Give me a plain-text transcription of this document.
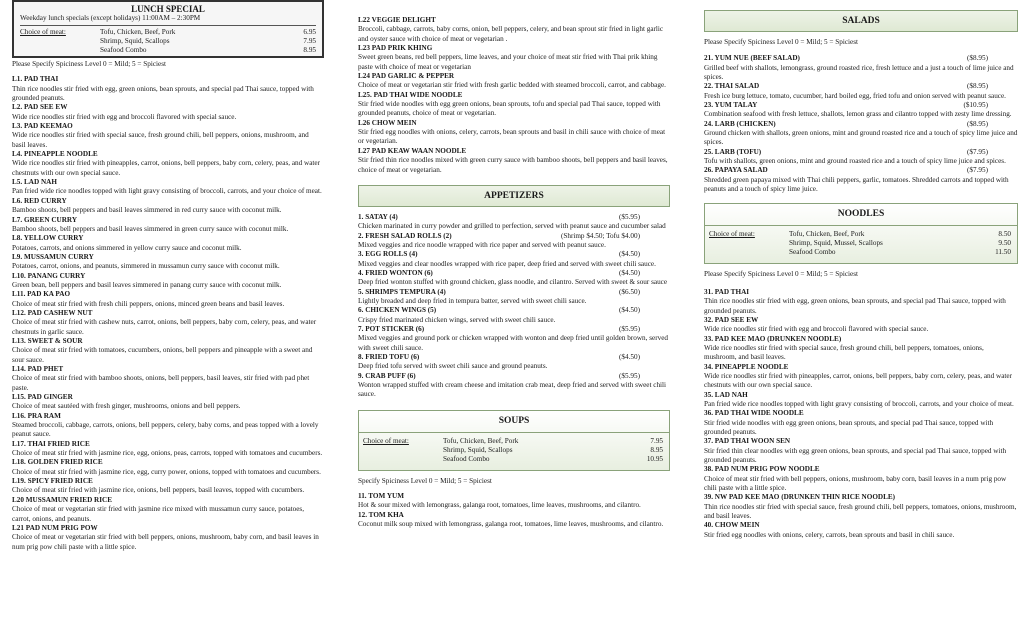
LUNCH SPECIAL
Weekday lunch specials (except holidays) 11:00AM – 2:30PM
Choice of meat:	Tofu, Chicken, Beef, Pork	6.95
Shrimp, Squid, Scallops	7.95
Seafood Combo	8.95
Please Specify Spiciness Level 0 = Mild; 5 = Spiciest
L1. PAD THAI
Thin rice noodles stir fried with egg, green onions, bean sprouts, and special pad Thai sauce, topped with grounded peanuts.
L2. PAD SEE EW
Wide rice noodles stir fried with egg and broccoli flavored with special sauce.
L3. PAD KEEMAO
Wide rice noodles stir fried with special sauce, fresh ground chili, bell peppers, onions, mushroom, and basil leaves.
L4. PINEAPPLE NOODLE
Wide rice noodles stir fried with pineapples, carrot, onions, bell peppers, baby corn, celery, peas, and water chestnuts with our own special sauce.
L5. LAD NAH
Pan fried wide rice noodles topped with light gravy consisting of broccoli, carrots, and your choice of meat.
L6. RED CURRY
Bamboo shoots, bell peppers and basil leaves simmered in red curry sauce with coconut milk.
L7. GREEN CURRY
Bamboo shoots, bell peppers and basil leaves simmered in green curry sauce with coconut milk.
L8. YELLOW CURRY
Potatoes, carrots, and onions simmered in yellow curry sauce and coconut milk.
L9. MUSSAMUN CURRY
Potatoes, carrot, onions, and peanuts, simmered in mussamun curry sauce with coconut milk.
L10. PANANG CURRY
Green bean, bell peppers and basil leaves simmered in panang curry sauce with coconut milk.
L11. PAD KA PAO
Choice of meat stir fried with fresh chili peppers, onions, minced green beans and basil leaves.
L12. PAD CASHEW NUT
Choice of meat stir fried with cashew nuts, carrot, onions, bell peppers, baby corn, celery, peas, and water chestnuts in garlic sauce.
L13. SWEET & SOUR
Choice of meat stir fried with tomatoes, cucumbers, onions, bell peppers and pineapple with a sweet and sour sauce.
L14. PAD PHET
Choice of meat stir fried with bamboo shoots, onions, bell peppers, basil leaves, stir fried with pad phet paste.
L15. PAD GINGER
Choice of meat sautéed with fresh ginger, mushrooms, onions and bell peppers.
L16. PRA RAM
Steamed broccoli, cabbage, carrots, onions, bell peppers, celery, baby corns, and peas topped with a lovely peanut sauce.
L17. THAI FRIED RICE
Choice of meat stir fried with jasmine rice, egg, onions, peas, carrots, topped with tomatoes and cucumbers.
L18. GOLDEN FRIED RICE
Choice of meat stir fried with jasmine rice, egg, curry power, onions, topped with tomatoes and cucumbers.
L19. SPICY FRIED RICE
Choice of meat stir fried with jasmine rice, onions, bell peppers, basil leaves, topped with cucumbers.
L20 MUSSAMUN FRIED RICE
Choice of meat or vegetarian stir fried with jasmine rice mixed with mussamun curry sauce, potatoes, carrot, onions, and peanuts.
L21 PAD NUM PRIG POW
Choice of meat or vegetarian stir fried with bell peppers, onions, mushroom, baby corn, and basil leaves in num prig pow chili paste with a little spice.
L22 VEGGIE DELIGHT
Broccoli, cabbage, carrots, baby corns, onion, bell peppers, celery, and bean sprout stir fried in light garlic and oyster sauce with choice of meat or vegetarian .
L23 PAD PRIK KHING
Sweet green beans, red bell peppers, lime leaves, and your choice of meat stir fried with Thai prik khing paste with choice of meat or vegetarian
L24 PAD GARLIC & PEPPER
Choice of meat or vegetarian stir fried with fresh garlic bedded with steamed broccoli, carrot, and cabbage.
L25. PAD THAI WIDE NOODLE
Stir fried wide noodles with egg green onions, bean sprouts, tofu and special pad Thai sauce, topped with grounded peanuts, choice of meat or vegetarian.
L26 CHOW MEIN
Stir fried egg noodles with onions, celery, carrots, bean sprouts and basil in chili sauce with choice of meat or vegetarian.
L27 PAD KEAW WAAN NOODLE
Stir fried thin rice noodles mixed with green curry sauce with bamboo shoots, bell peppers and basil leaves, choice of meat or vegetarian.
APPETIZERS
1. SATAY (4)	($5.95)
Chicken marinated in curry powder and grilled to perfection, served with peanut sauce and cucumber salad
2. FRESH SALAD ROLLS (2)	(Shrimp $4.50; Tofu $4.00)
Mixed veggies and rice noodle wrapped with rice paper and served with peanut sauce.
3. EGG ROLLS (4)	($4.50)
Mixed veggies and clear noodles wrapped with rice paper, deep fried and served with sweet chili sauce.
4. FRIED WONTON (6)	($4.50)
Deep fried wonton stuffed with ground chicken, glass noodle, and cilantro. Served with sweet & sour sauce
5. SHRIMPS TEMPURA (4)	($6.50)
Lightly breaded and deep fried in tempura batter, served with sweet chili sauce.
6. CHICKEN WINGS (5)	($4.50)
Crispy fried marinated chicken wings, served with sweet chili sauce.
7. POT STICKER (6)	($5.95)
Mixed veggies and ground pork or chicken wrapped with wonton and deep fried until golden brown, served with sweet chili sauce.
8. FRIED TOFU (6)	($4.50)
Deep fried tofu served with sweet chili sauce and ground peanuts.
9. CRAB PUFF (6)	($5.95)
Wonton wrapped stuffed with cream cheese and imitation crab meat, deep fried and served with sweet chili sauce.
SOUPS
Choice of meat:	Tofu, Chicken, Beef, Pork	7.95
Shrimp, Squid, Scallops	8.95
Seafood Combo	10.95
Specify Spiciness Level 0 = Mild; 5 = Spiciest
11. TOM YUM
Hot & sour mixed with lemongrass, galanga root, tomatoes, lime leaves, mushrooms, and cilantro.
12. TOM KHA
Coconut milk soup mixed with lemongrass, galanga root, tomatoes, lime leaves, mushrooms, and cilantro.
SALADS
Please Specify Spiciness Level 0 = Mild; 5 = Spiciest
21. YUM NUE (BEEF SALAD)	($8.95)
Grilled beef with shallots, lemongrass, ground roasted rice, fresh lettuce and a just a touch of lime juice and spices.
22. THAI SALAD	($8.95)
Fresh ice burg lettuce, tomato, cucumber, hard boiled egg, fried tofu and onion served with peanut sauce.
23. YUM TALAY	($10.95)
Combination seafood with fresh lettuce, shallots, lemon grass and cilantro topped with zesty lime dressing.
24. LARB (CHICKEN)	($8.95)
Ground chicken with shallots, green onions, mint and ground roasted rice and a touch of spicy lime juice and spices.
25. LARB (TOFU)	($7.95)
Tofu with shallots, green onions, mint and ground roasted rice and a touch of spicy lime juice and spices.
26. PAPAYA SALAD	($7.95)
Shredded green papaya mixed with Thai chili peppers, garlic, tomatoes. Shredded carrots and topped with peanuts and a touch of spicy lime juice.
NOODLES
Choice of meat:	Tofu, Chicken, Beef, Pork	8.50
Shrimp, Squid, Mussel, Scallops	9.50
Seafood Combo	11.50
Please Specify Spiciness Level 0 = Mild; 5 = Spiciest
31. PAD THAI
Thin rice noodles stir fried with egg, green onions, bean sprouts, and special pad Thai sauce, topped with grounded peanuts.
32. PAD SEE EW
Wide rice noodles stir fried with egg and broccoli flavored with special sauce.
33. PAD KEE MAO (DRUNKEN NOODLE)
Wide rice noodles stir fried with special sauce, fresh ground chili, bell peppers, tomatoes, onions, mushroom, and basil leaves.
34. PINEAPPLE NOODLE
Wide rice noodles stir fried with pineapples, carrot, onions, bell peppers, baby corn, celery, peas, and water chestnuts with our own special sauce.
35. LAD NAH
Pan fried wide rice noodles topped with light gravy consisting of broccoli, carrots, and your choice of meat.
36. PAD THAI WIDE NOODLE
Stir fried wide noodles with egg green onions, bean sprouts, and special pad Thai sauce, topped with grounded peanuts.
37. PAD THAI WOON SEN
Stir fried thin clear noodles with egg green onions, bean sprouts, and special pad Thai sauce, topped with grounded peanuts.
38. PAD NUM PRIG POW NOODLE
Choice of meat stir fried with bell peppers, onions, mushroom, baby corn, basil leaves in a num prig pow chili paste with a little spice.
39. NW PAD KEE MAO (DRUNKEN THIN RICE NOODLE)
Thin rice noodles stir fried with special sauce, fresh ground chili, bell peppers, tomatoes, onions, mushroom, and basil leaves.
40. CHOW MEIN
Stir fried egg noodles with onions, celery, carrots, bean sprouts and basil in chili sauce.
